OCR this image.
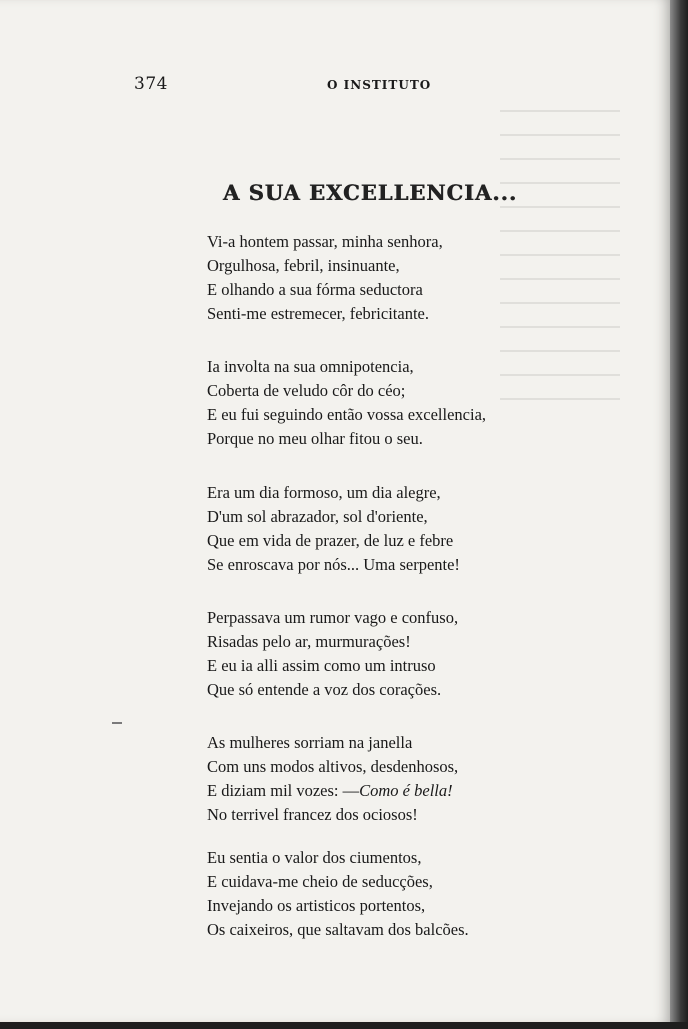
374	O INSTITUTO
A SUA EXCELLENCIA...
Vi-a hontem passar, minha senhora,
Orgulhosa, febril, insinuante,
E olhando a sua fórma seductora
Senti-me estremecer, febricitante.
Ia involta na sua omnipotencia,
Coberta de veludo côr do céo;
E eu fui seguindo então vossa excellencia,
Porque no meu olhar fitou o seu.
Era um dia formoso, um dia alegre,
D'um sol abrazador, sol d'oriente,
Que em vida de prazer, de luz e febre
Se enroscava por nós... Uma serpente!
Perpassava um rumor vago e confuso,
Risadas pelo ar, murmurações!
E eu ia alli assim como um intruso
Que só entende a voz dos corações.
As mulheres sorriam na janella
Com uns modos altivos, desdenhosos,
E diziam mil vozes: —Como é bella!
No terrivel francez dos ociosos!
Eu sentia o valor dos ciumentos,
E cuidava-me cheio de seducções,
Invejando os artisticos portentos,
Os caixeiros, que saltavam dos balcões.
